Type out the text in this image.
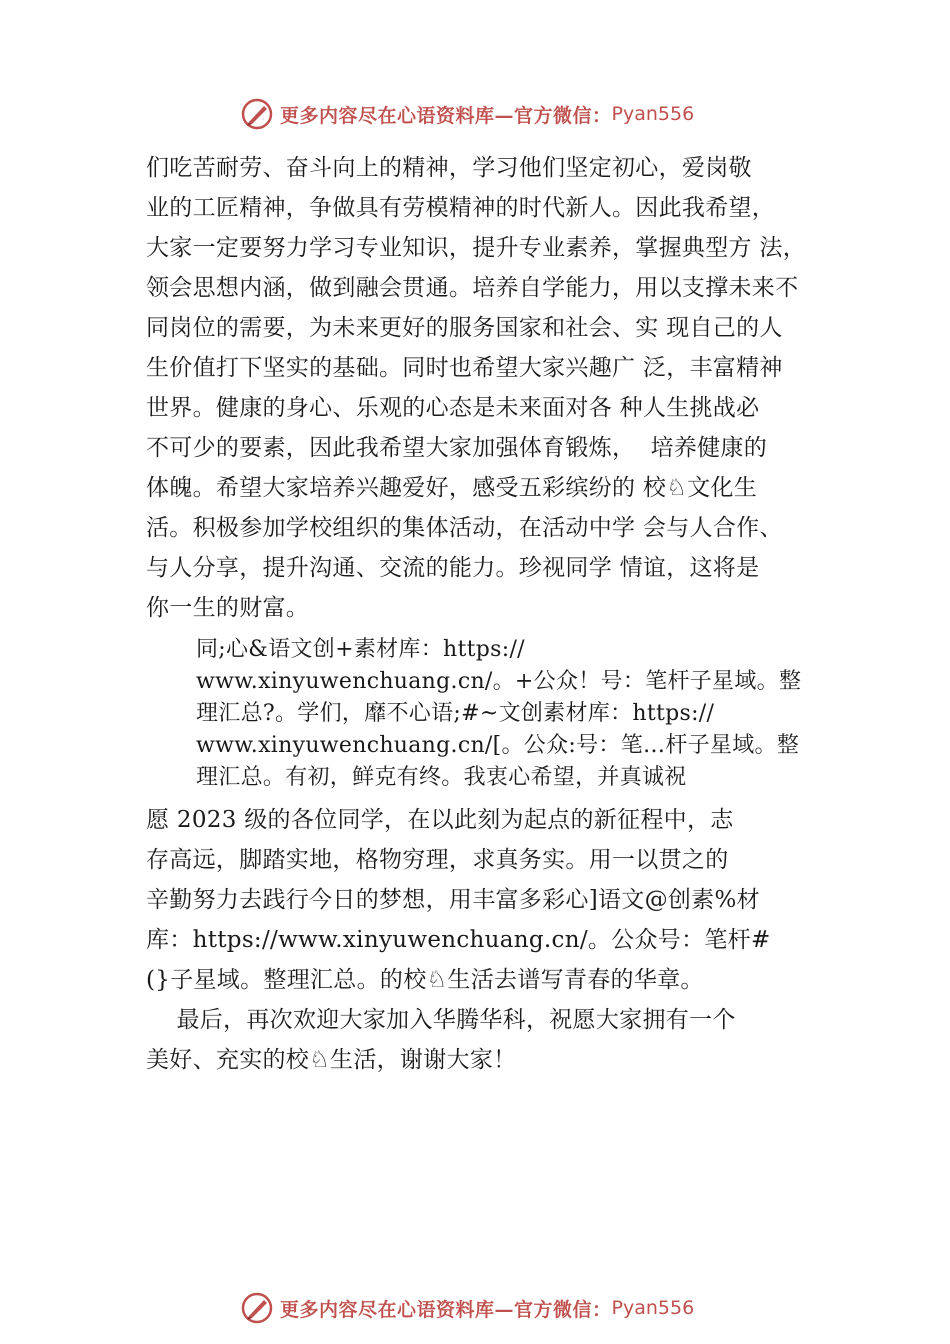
更多内容尽在心语资料库—官方微信： Pyan556
们吃苦耐劳、奋斗向上的精神，学习他们坚定初心，爱岗敬
业的工匠精神，争做具有劳模精神的时代新人。因此我希望，
大家一定要努力学习专业知识，提升专业素养，掌握典型方 法，
领会思想内涵，做到融会贯通。培养自学能力，用以支撑未来不
同岗位的需要，为未来更好的服务国家和社会、实 现自己的人
生价值打下坚实的基础。同时也希望大家兴趣广 泛，丰富精神
世界。健康的身心、乐观的心态是未来面对各 种人生挑战必
不可少的要素，因此我希望大家加强体育锻炼，  培养健康的
体魄。希望大家培养兴趣爱好，感受五彩缤纷的 校♘文化生
活。积极参加学校组织的集体活动，在活动中学 会与人合作、
与人分享，提升沟通、交流的能力。珍视同学 情谊，这将是
你一生的财富。
同;心&语文创+素材库：https://
www.xinyuwenchuang.cn/。+公众！号：笔杆子星域。整
理汇总?。学们，靡不心语;#~文创素材库：https://
www.xinyuwenchuang.cn/[。公众:号：笔…杆子星域。整
理汇总。有初，鲜克有终。我衷心希望，并真诚祝
愿 2023 级的各位同学，在以此刻为起点的新征程中，志
存高远，脚踏实地，格物穷理，求真务实。用一以贯之的
辛勤努力去践行今日的梦想，用丰富多彩心]语文@创素%材
库：https://www.xinyuwenchuang.cn/。公众号：笔杆#
(}子星域。整理汇总。的校♘生活去谱写青春的华章。
最后，再次欢迎大家加入华腾华科，祝愿大家拥有一个
美好、充实的校♘生活，谢谢大家！
更多内容尽在心语资料库—官方微信： Pyan556
